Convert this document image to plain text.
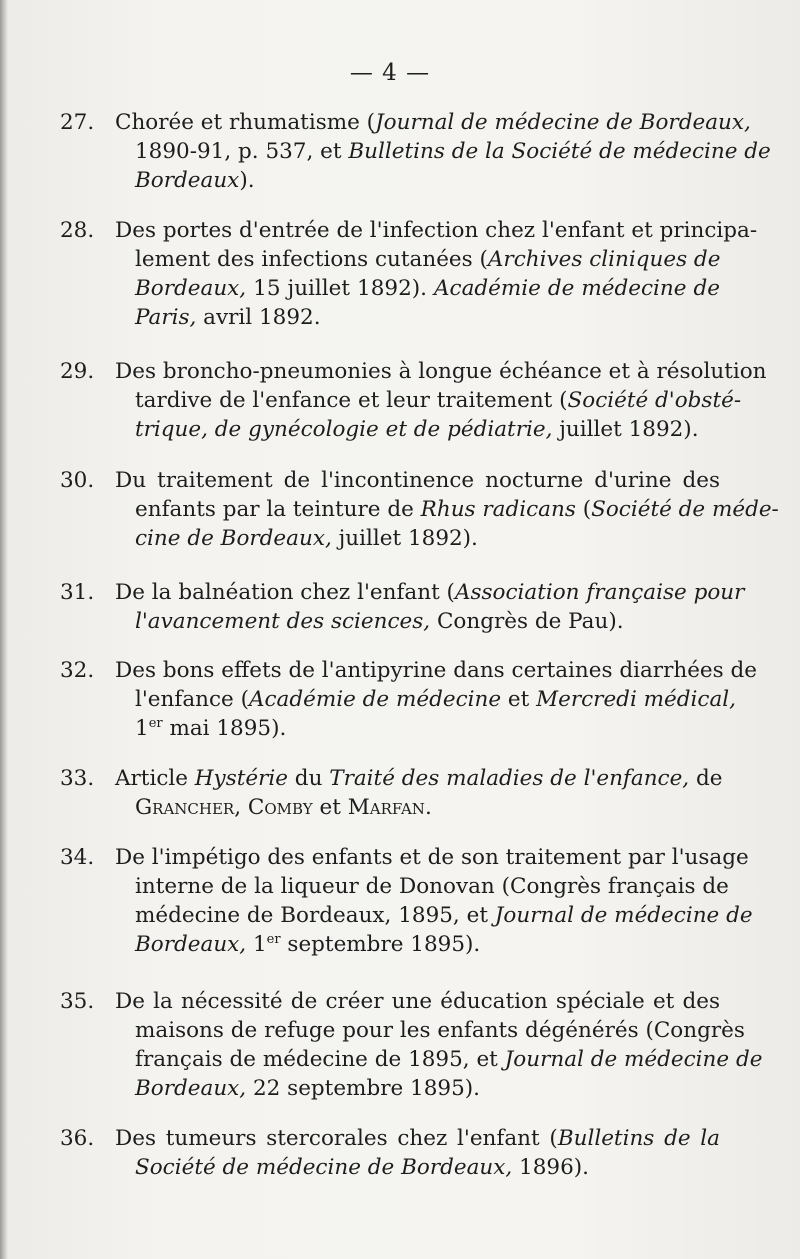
— 4 —
27. Chorée et rhumatisme (Journal de médecine de Bordeaux,
1890-91, p. 537, et Bulletins de la Société de médecine de
Bordeaux).
28. Des portes d'entrée de l'infection chez l'enfant et principa-
lement des infections cutanées (Archives cliniques de
Bordeaux, 15 juillet 1892). Académie de médecine de
Paris, avril 1892.
29. Des broncho-pneumonies à longue échéance et à résolution
tardive de l'enfance et leur traitement (Société d'obsté-
trique, de gynécologie et de pédiatrie, juillet 1892).
30. Du traitement de l'incontinence nocturne d'urine des
enfants par la teinture de Rhus radicans (Société de méde-
cine de Bordeaux, juillet 1892).
31. De la balnéation chez l'enfant (Association française pour
l'avancement des sciences, Congrès de Pau).
32. Des bons effets de l'antipyrine dans certaines diarrhées de
l'enfance (Académie de médecine et Mercredi médical,
1er mai 1895).
33. Article Hystérie du Traité des maladies de l'enfance, de
Grancher, Comby et Marfan.
34. De l'impétigo des enfants et de son traitement par l'usage
interne de la liqueur de Donovan (Congrès français de
médecine de Bordeaux, 1895, et Journal de médecine de
Bordeaux, 1er septembre 1895).
35. De la nécessité de créer une éducation spéciale et des
maisons de refuge pour les enfants dégénérés (Congrès
français de médecine de 1895, et Journal de médecine de
Bordeaux, 22 septembre 1895).
36. Des tumeurs stercorales chez l'enfant (Bulletins de la
Société de médecine de Bordeaux, 1896).
